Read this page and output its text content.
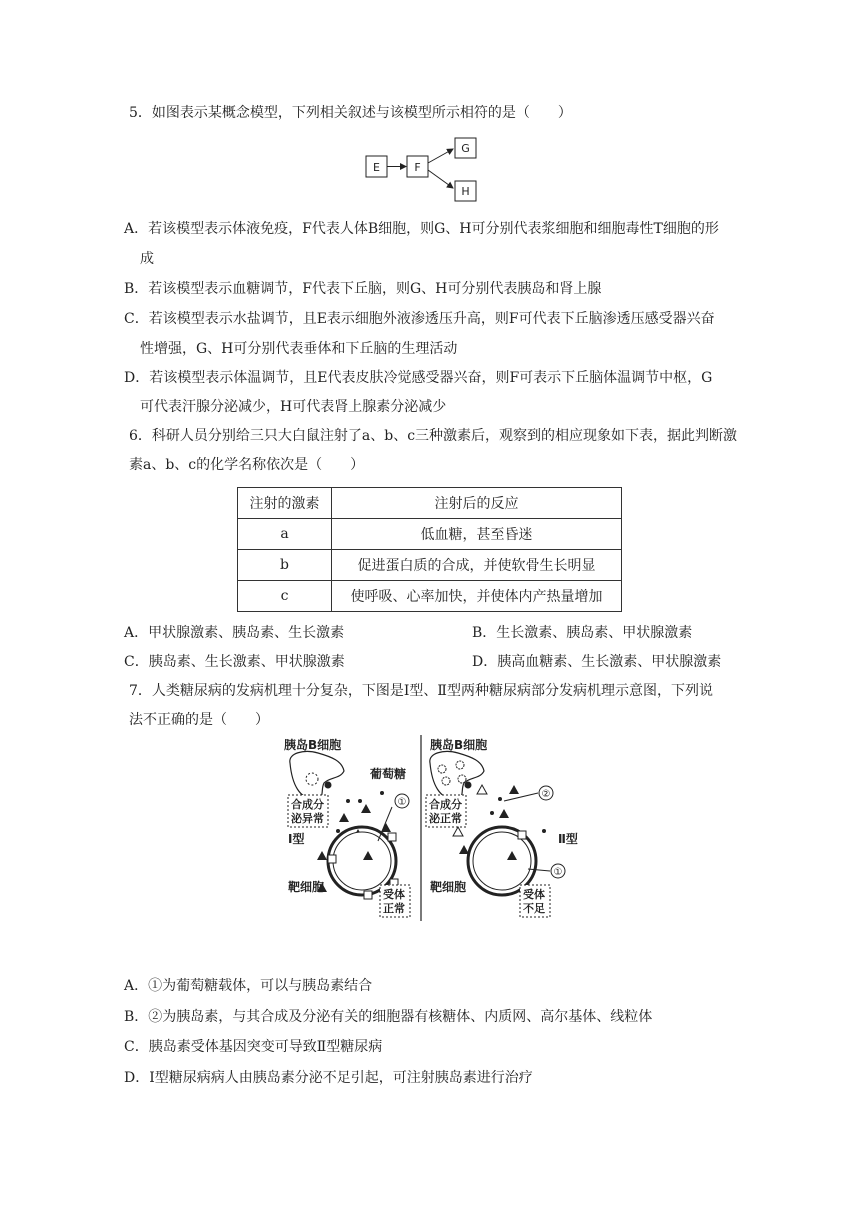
5．如图表示某概念模型，下列相关叙述与该模型所示相符的是（　　）
E	F
G
H
A．若该模型表示体液免疫，F代表人体B细胞，则G、H可分别代表浆细胞和细胞毒性T细胞的形
成
B．若该模型表示血糖调节，F代表下丘脑，则G、H可分别代表胰岛和肾上腺
C．若该模型表示水盐调节，且E表示细胞外液渗透压升高，则F可代表下丘脑渗透压感受器兴奋
性增强，G、H可分别代表垂体和下丘脑的生理活动
D．若该模型表示体温调节，且E代表皮肤冷觉感受器兴奋，则F可表示下丘脑体温调节中枢，G
可代表汗腺分泌减少，H可代表肾上腺素分泌减少
6．科研人员分别给三只大白鼠注射了a、b、c三种激素后，观察到的相应现象如下表，据此判断激
素a、b、c的化学名称依次是（　　）
注射的激素	注射后的反应
a	低血糖，甚至昏迷
b	促进蛋白质的合成，并使软骨生长明显
c	使呼吸、心率加快，并使体内产热量增加
A．甲状腺激素、胰岛素、生长激素	B．生长激素、胰岛素、甲状腺激素
C．胰岛素、生长激素、甲状腺激素	D．胰高血糖素、生长激素、甲状腺激素
7．人类糖尿病的发病机理十分复杂，下图是Ⅰ型、Ⅱ型两种糖尿病部分发病机理示意图，下列说
法不正确的是（　　）
胰岛B细胞
葡萄糖
合成分
泌异常
Ⅰ型
①
靶细胞
受体
正常
胰岛B细胞
合成分
泌正常
②
Ⅱ型
①
靶细胞
受体
不足
A．①为葡萄糖载体，可以与胰岛素结合
B．②为胰岛素，与其合成及分泌有关的细胞器有核糖体、内质网、高尔基体、线粒体
C．胰岛素受体基因突变可导致Ⅱ型糖尿病
D．Ⅰ型糖尿病病人由胰岛素分泌不足引起，可注射胰岛素进行治疗
